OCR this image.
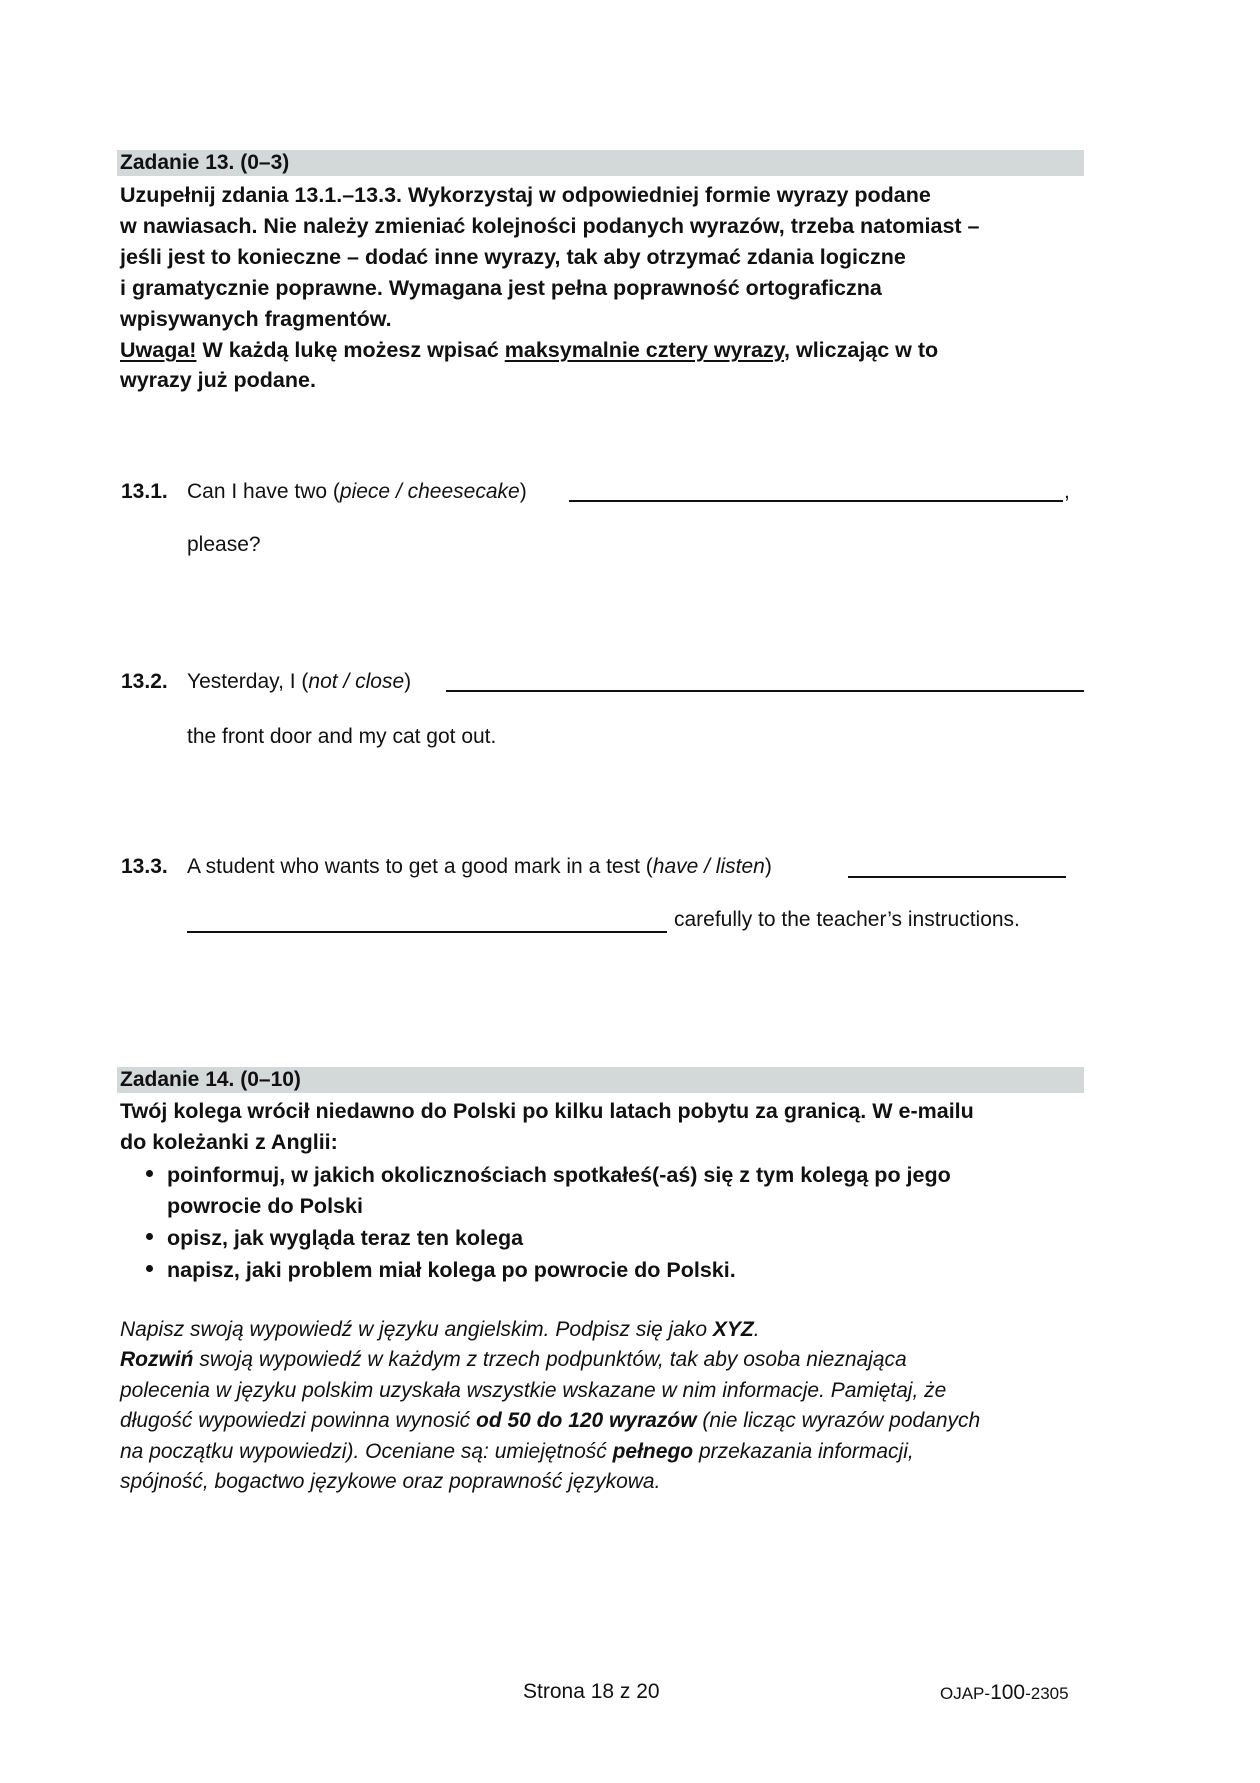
Zadanie 13. (0–3)
Uzupełnij zdania 13.1.–13.3. Wykorzystaj w odpowiedniej formie wyrazy podane
w nawiasach. Nie należy zmieniać kolejności podanych wyrazów, trzeba natomiast –
jeśli jest to konieczne – dodać inne wyrazy, tak aby otrzymać zdania logiczne
i gramatycznie poprawne. Wymagana jest pełna poprawność ortograficzna
wpisywanych fragmentów.
Uwaga! W każdą lukę możesz wpisać maksymalnie cztery wyrazy, wliczając w to
wyrazy już podane.
13.1. Can I have two (piece / cheesecake)	,
please?
13.2. Yesterday, I (not / close)
the front door and my cat got out.
13.3. A student who wants to get a good mark in a test (have / listen)
carefully to the teacher’s instructions.
Zadanie 14. (0–10)
Twój kolega wrócił niedawno do Polski po kilku latach pobytu za granicą. W e-mailu
do koleżanki z Anglii:
poinformuj, w jakich okolicznościach spotkałeś(-aś) się z tym kolegą po jego
powrocie do Polski
opisz, jak wygląda teraz ten kolega
napisz, jaki problem miał kolega po powrocie do Polski.
Napisz swoją wypowiedź w języku angielskim. Podpisz się jako XYZ.
Rozwiń swoją wypowiedź w każdym z trzech podpunktów, tak aby osoba nieznająca
polecenia w języku polskim uzyskała wszystkie wskazane w nim informacje. Pamiętaj, że
długość wypowiedzi powinna wynosić od 50 do 120 wyrazów (nie licząc wyrazów podanych
na początku wypowiedzi). Oceniane są: umiejętność pełnego przekazania informacji,
spójność, bogactwo językowe oraz poprawność językowa.
Strona 18 z 20	OJAP-100-2305
